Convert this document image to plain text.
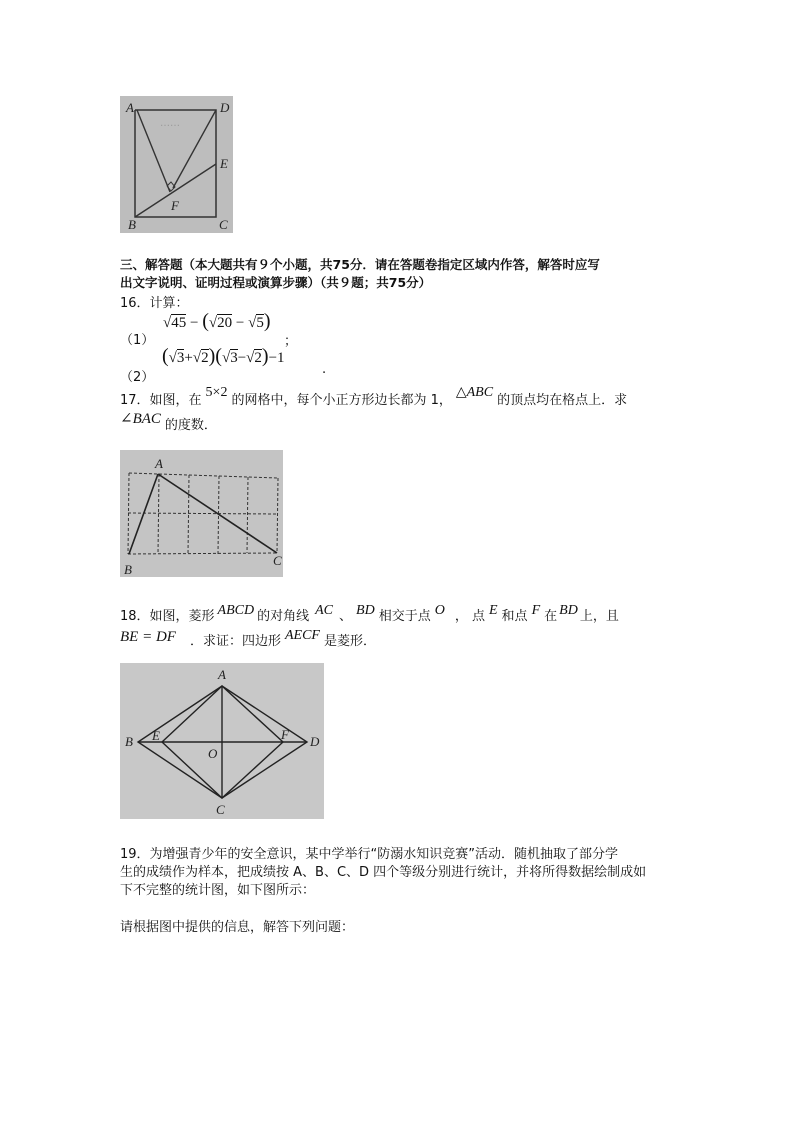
……
A	D
E
F
B	C
三、解答题（本大题共有９个小题，共75分．请在答题卷指定区域内作答，解答时应写
出文字说明、证明过程或演算步骤）（共９题；共75分）
16．计算：
（1）
√45 − (√20 − √5)
；
（2）
(√3+√2)(√3−√2)−1
.
17．如图，在5×2的网格中，每个小正方形边长都为 1，△ABC的顶点均在格点上．求
∠BAC 的度数．
A
B
C
18．如图，菱形 ABCD 的对角线 AC 、 BD 相交于点 O ， 点 E 和点 F 在 BD 上，且
BE = DF ．求证：四边形 AECF 是菱形．
A
B E
O
F D
C
19．为增强青少年的安全意识，某中学举行“防溺水知识竞赛”活动．随机抽取了部分学
生的成绩作为样本，把成绩按 A、B、C、D 四个等级分别进行统计，并将所得数据绘制成如
下不完整的统计图，如下图所示：
请根据图中提供的信息，解答下列问题：
